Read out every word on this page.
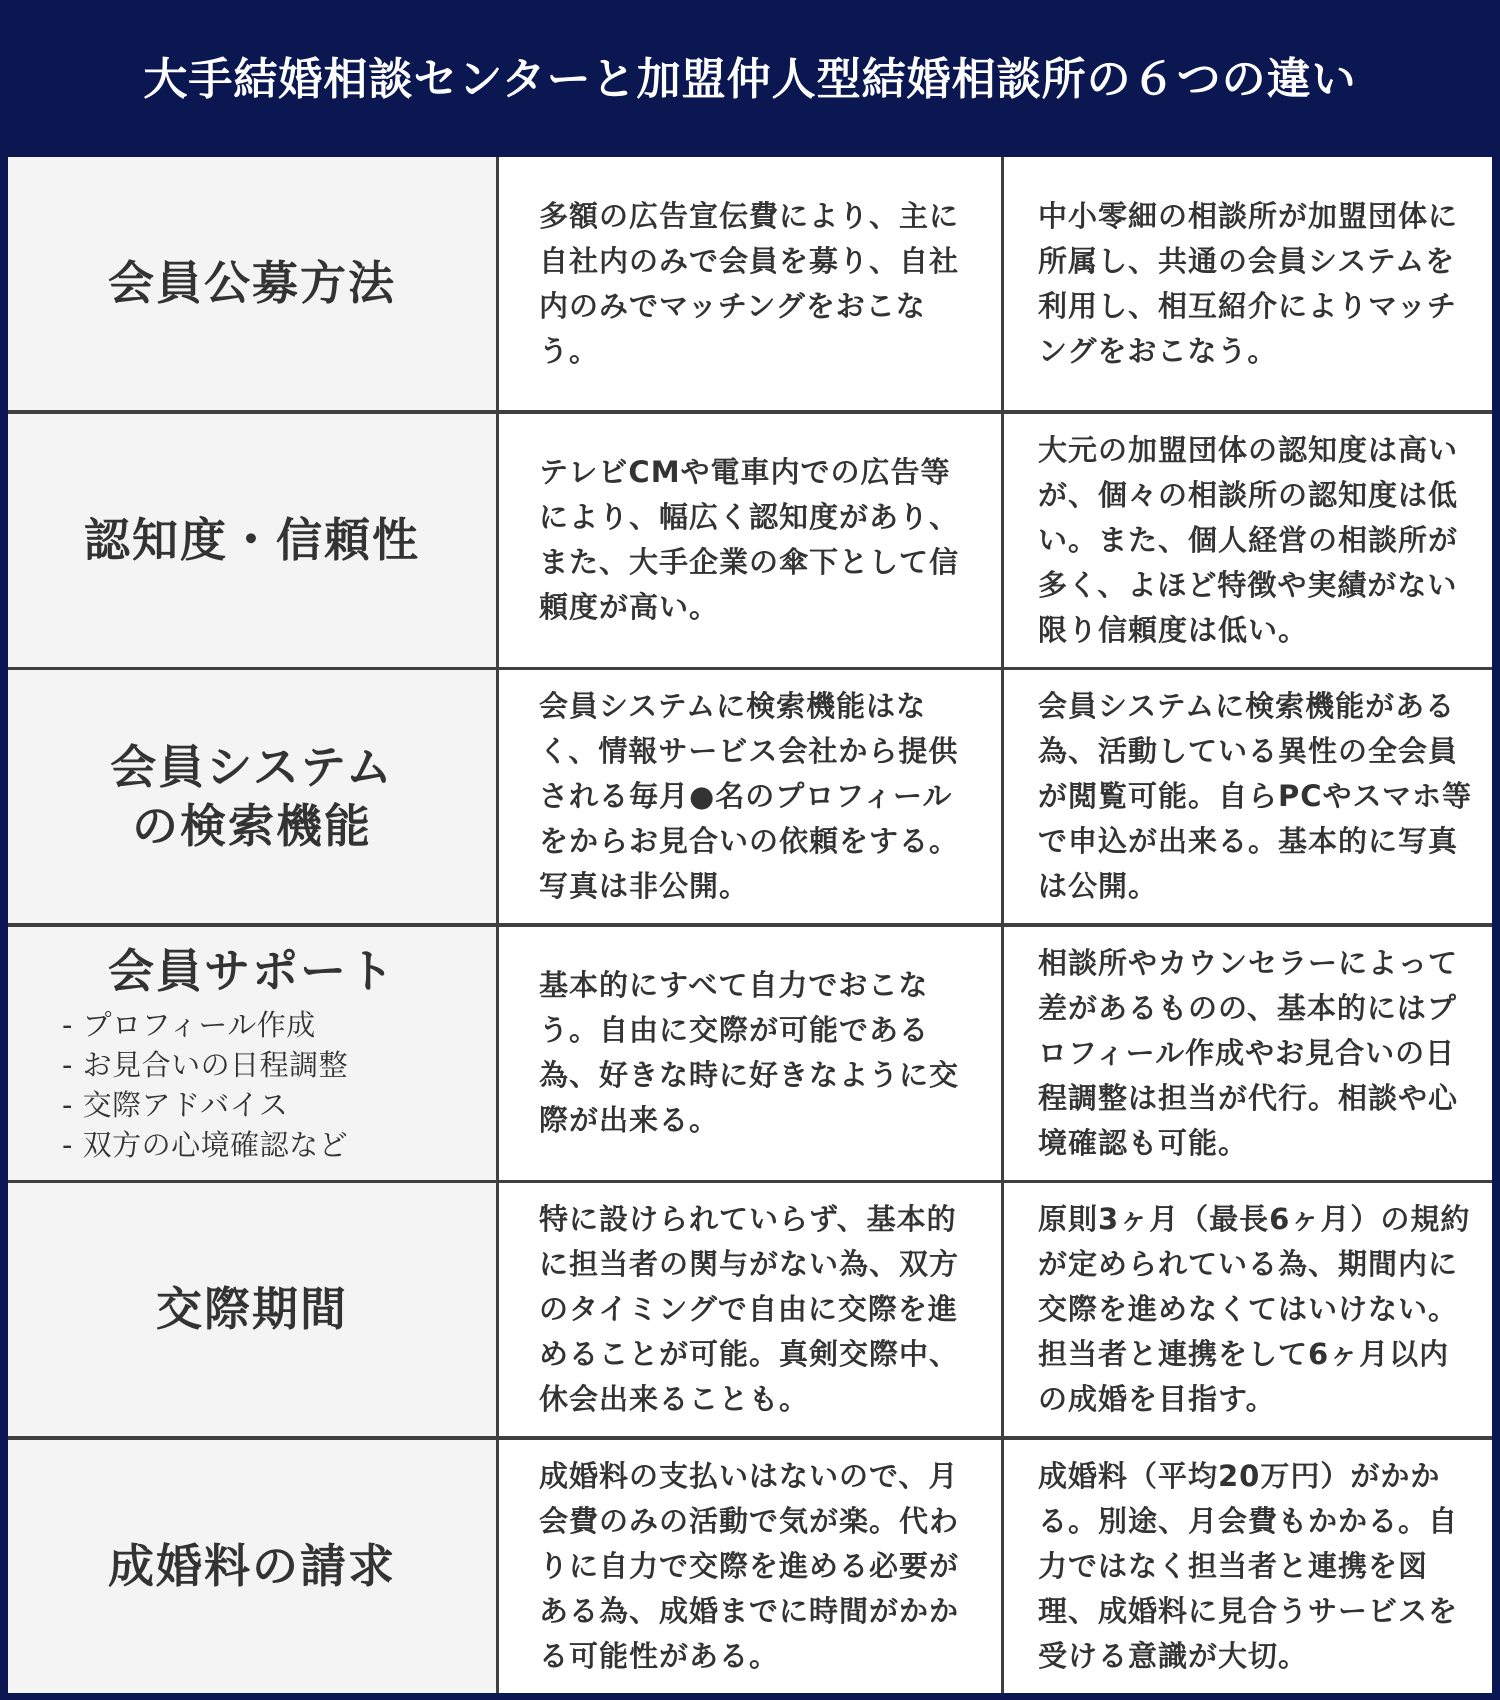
大手結婚相談センターと加盟仲人型結婚相談所の６つの違い
会員公募方法

多額の広告宣伝費により、主に自社内のみで会員を募り、自社内のみでマッチングをおこなう。

中小零細の相談所が加盟団体に所属し、共通の会員システムを利用し、相互紹介によりマッチングをおこなう。

認知度・信頼性

テレビCMや電車内での広告等により、幅広く認知度があり、また、大手企業の傘下として信頼度が高い。

大元の加盟団体の認知度は高いが、個々の相談所の認知度は低い。また、個人経営の相談所が多く、よほど特徴や実績がない限り信頼度は低い。

会員システム
の検索機能

会員システムに検索機能はなく、情報サービス会社から提供される毎月●名のプロフィールをからお見合いの依頼をする。写真は非公開。

会員システムに検索機能がある為、活動している異性の全会員が閲覧可能。自らPCやスマホ等で申込が出来る。基本的に写真は公開。

会員サポート
- プロフィール作成
- お見合いの日程調整
- 交際アドバイス
- 双方の心境確認など

基本的にすべて自力でおこなう。自由に交際が可能である為、好きな時に好きなように交際が出来る。

相談所やカウンセラーによって差があるものの、基本的にはプロフィール作成やお見合いの日程調整は担当が代行。相談や心境確認も可能。

交際期間

特に設けられていらず、基本的に担当者の関与がない為、双方のタイミングで自由に交際を進めることが可能。真剣交際中、休会出来ることも。

原則3ヶ月（最長6ヶ月）の規約が定められている為、期間内に交際を進めなくてはいけない。担当者と連携をして6ヶ月以内の成婚を目指す。

成婚料の請求

成婚料の支払いはないので、月会費のみの活動で気が楽。代わりに自力で交際を進める必要がある為、成婚までに時間がかかる可能性がある。

成婚料（平均20万円）がかかる。別途、月会費もかかる。自力ではなく担当者と連携を図理、成婚料に見合うサービスを受ける意識が大切。
